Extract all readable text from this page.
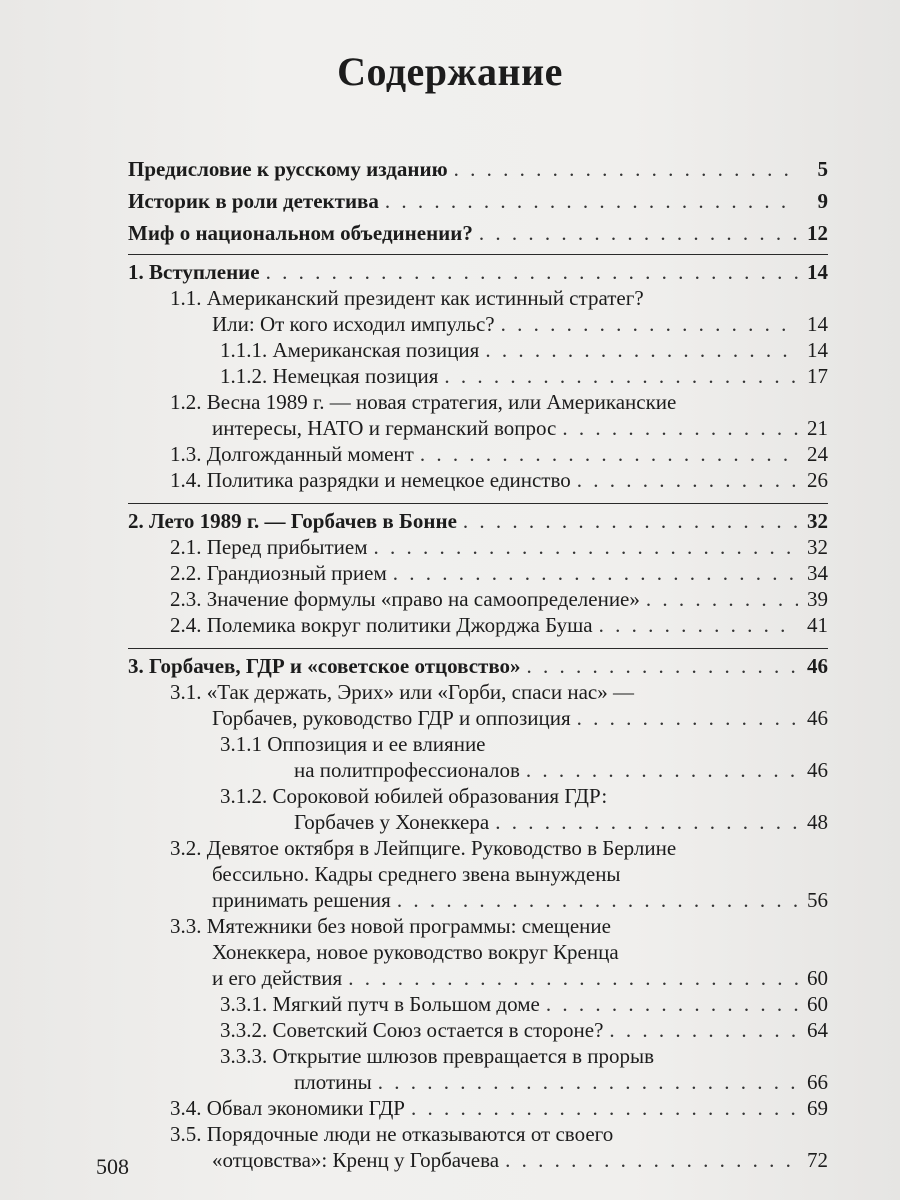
Содержание
Предисловие к русскому изданию . . .	5
Историк в роли детектива . . .	9
Миф о национальном объединении? . . .	12
1. Вступление . . .	14
1.1. Американский президент как истинный стратег?
Или: От кого исходил импульс? . . .	14
1.1.1. Американская позиция . . .	14
1.1.2. Немецкая позиция . . .	17
1.2. Весна 1989 г. — новая стратегия, или Американские
интересы, НАТО и германский вопрос . . .	21
1.3. Долгожданный момент . . .	24
1.4. Политика разрядки и немецкое единство . . .	26
2. Лето 1989 г. — Горбачев в Бонне . . .	32
2.1. Перед прибытием . . .	32
2.2. Грандиозный прием . . .	34
2.3. Значение формулы «право на самоопределение» . . .	39
2.4. Полемика вокруг политики Джорджа Буша . . .	41
3. Горбачев, ГДР и «советское отцовство» . . .	46
3.1. «Так держать, Эрих» или «Горби, спаси нас» —
Горбачев, руководство ГДР и оппозиция . . .	46
3.1.1 Оппозиция и ее влияние
на политпрофессионалов . . .	46
3.1.2. Сороковой юбилей образования ГДР:
Горбачев у Хонеккера . . .	48
3.2. Девятое октября в Лейпциге. Руководство в Берлине
бессильно. Кадры среднего звена вынуждены
принимать решения . . .	56
3.3. Мятежники без новой программы: смещение
Хонеккера, новое руководство вокруг Кренца
и его действия . . .	60
3.3.1. Мягкий путч в Большом доме . . .	60
3.3.2. Советский Союз остается в стороне? . . .	64
3.3.3. Открытие шлюзов превращается в прорыв
плотины . . .	66
3.4. Обвал экономики ГДР . . .	69
3.5. Порядочные люди не отказываются от своего
«отцовства»: Кренц у Горбачева . . .	72
508
